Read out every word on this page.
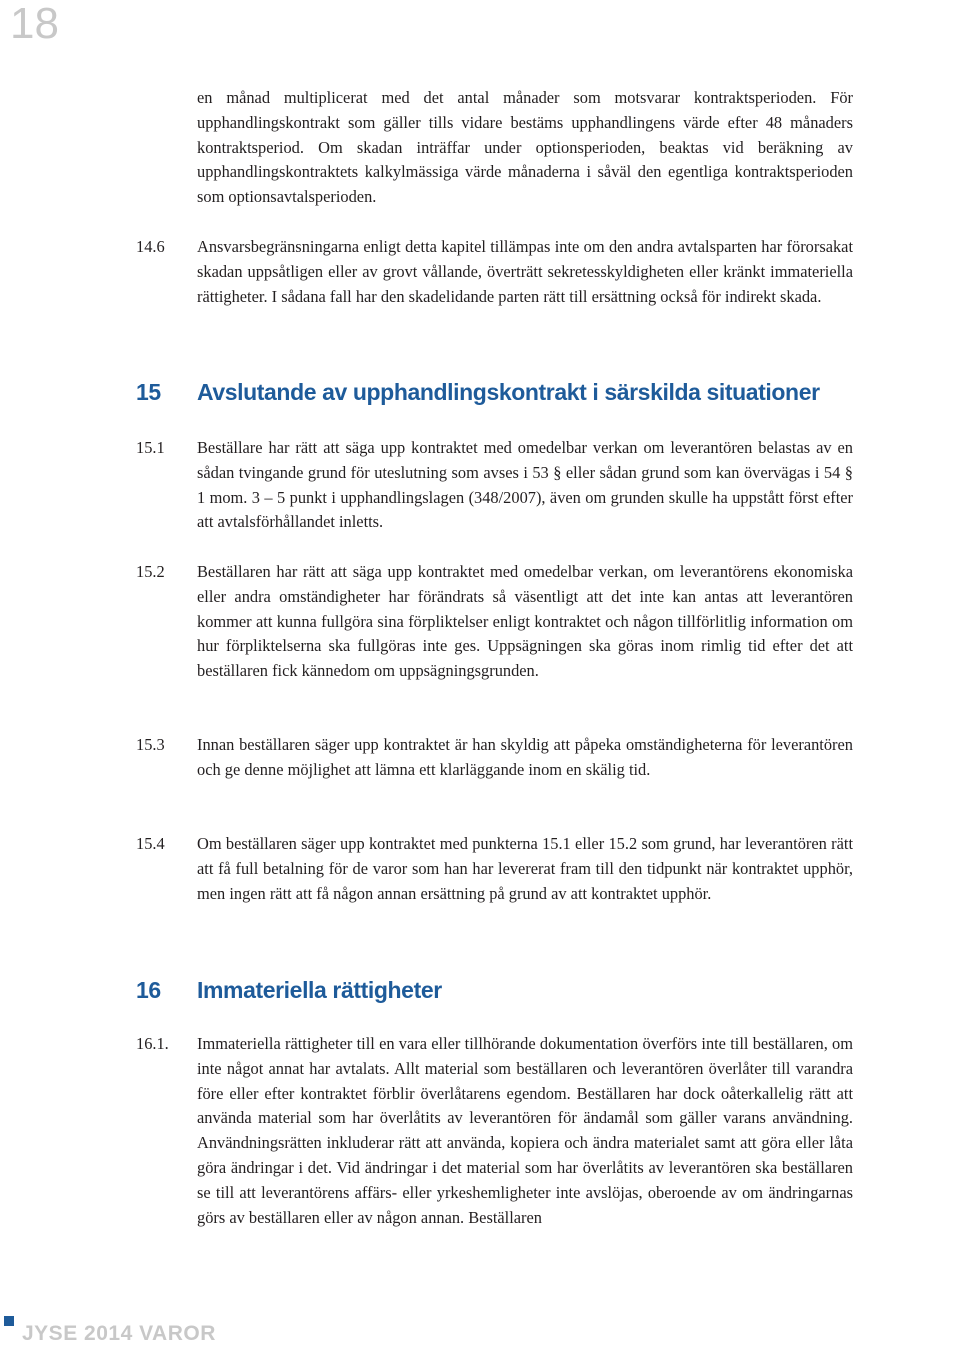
18

en månad multiplicerat med det antal månader som motsvarar kontraktsperioden. För upphandlingskontrakt som gäller tills vidare bestäms upphandlingens värde efter 48 månaders kontraktsperiod. Om skadan inträffar under optionsperioden, beaktas vid beräkning av upphandlingskontraktets kalkylmässiga värde månaderna i såväl den egentliga kontraktsperioden som optionsavtalsperioden.

14.6 Ansvarsbegränsningarna enligt detta kapitel tillämpas inte om den andra avtalsparten har förorsakat skadan uppsåtligen eller av grovt vållande, överträtt sekretesskyldigheten eller kränkt immateriella rättigheter. I sådana fall har den skadelidande parten rätt till ersättning också för indirekt skada.

15 Avslutande av upphandlingskontrakt i särskilda situationer
15.1 Beställare har rätt att säga upp kontraktet med omedelbar verkan om leverantören belastas av en sådan tvingande grund för uteslutning som avses i 53 § eller sådan grund som kan övervägas i 54 § 1 mom. 3 – 5 punkt i upphandlingslagen (348/2007), även om grunden skulle ha uppstått först efter att avtalsförhållandet inletts.

15.2 Beställaren har rätt att säga upp kontraktet med omedelbar verkan, om leverantörens ekonomiska eller andra omständigheter har förändrats så väsentligt att det inte kan antas att leverantören kommer att kunna fullgöra sina förpliktelser enligt kontraktet och någon tillförlitlig information om hur förpliktelserna ska fullgöras inte ges. Uppsägningen ska göras inom rimlig tid efter det att beställaren fick kännedom om uppsägningsgrunden.

15.3 Innan beställaren säger upp kontraktet är han skyldig att påpeka omständigheterna för leverantören och ge denne möjlighet att lämna ett klarläggande inom en skälig tid.

15.4 Om beställaren säger upp kontraktet med punkterna 15.1 eller 15.2 som grund, har leverantören rätt att få full betalning för de varor som han har levererat fram till den tidpunkt när kontraktet upphör, men ingen rätt att få någon annan ersättning på grund av att kontraktet upphör.

16 Immateriella rättigheter
16.1. Immateriella rättigheter till en vara eller tillhörande dokumentation överförs inte till beställaren, om inte något annat har avtalats. Allt material som beställaren och leverantören överlåter till varandra före eller efter kontraktet förblir överlåtarens egendom. Beställaren har dock oåterkallelig rätt att använda material som har överlåtits av leverantören för ändamål som gäller varans användning. Användningsrätten inkluderar rätt att använda, kopiera och ändra materialet samt att göra eller låta göra ändringar i det. Vid ändringar i det material som har överlåtits av leverantören ska beställaren se till att leverantörens affärs- eller yrkeshemligheter inte avslöjas, oberoende av om ändringarnas görs av beställaren eller av någon annan. Beställaren

JYSE 2014 VAROR
